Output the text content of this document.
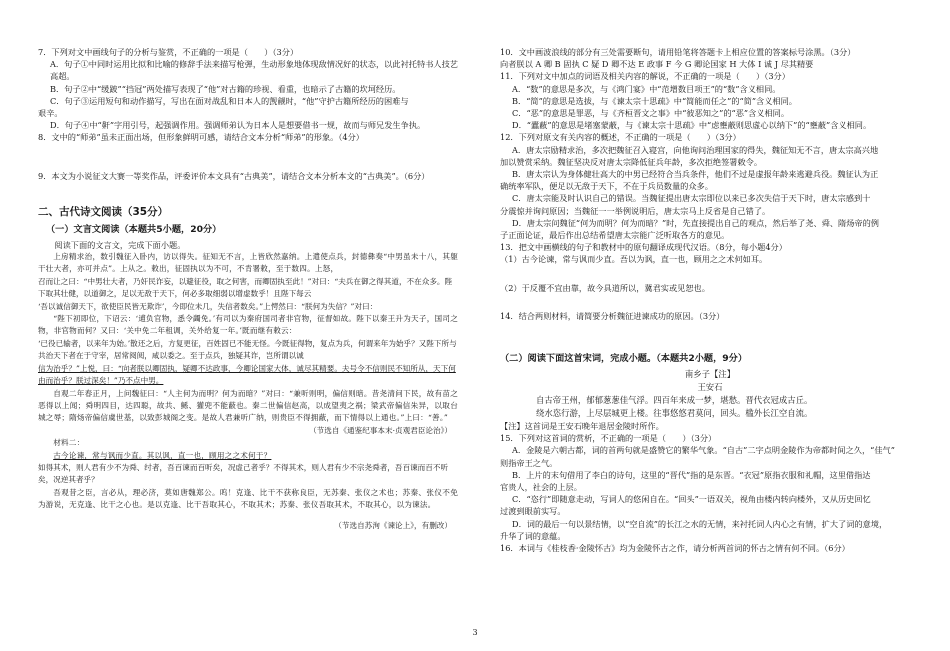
7．下列对文中画线句子的分析与鉴赏，不正确的一项是（　　）（3分）

A．句子①中同时运用比拟和比喻的修辞手法来描写枪弹，生动形象地体现敌情况好的状态，以此衬托特书人技艺高超。

B．句子②中“缓跛”“挡冠”两处描写表现了“他”对古籍的珍视、看重，也暗示了古籍的坎坷经历。

C．句子③运用短句和动作描写，写出在面对战乱和日本人的觊觎时，“他”守护古籍所经历的困难与

艰辛。

D．句子④中“鼾”字用引号，起强调作用。强调师弟认为日本人是想要借书一规，故而与师兄发生争执。

8．文中的“师弟”虽未正面出场，但形象鲜明可感，请结合文本分析“师弟”的形象。（4分）

9．本文为小说征文大赛一等奖作品，评委评价本文具有“古典美”，请结合文本分析本文的“古典美”。（6分）

二、古代诗文阅读（35分）
（一）文言文阅读（本题共5小题，20分）

阅读下面的文言文，完成下面小题。

上房精求治，数引魏征入卧内，访以得失。征知无不言，上皆欣然嘉纳。上遣使点兵，封德彝奏“中男虽未十八，其躯干壮大者，亦可并点”。上从之。敕出，征固执以为不可，不肯署敕，至于数四。上怒，

召而让之曰：“中男壮大者，乃奸民诈妄，以避征役，取之何害，而卿固执至此！”对曰：“夫兵在御之得其道，不在众多。陛下取其壮健，以道御之，足以无敌于天下，何必多取细弱以增虚数乎！且陛下每云

‘吾以诚信御天下，欲使臣民皆无欺诈’，今即位未几，失信者数矣。”上愕然曰：“朕何为失信？”对曰：

“陛下初即位，下诏云：‘逋负官物，悉令蠲免。’有司以为秦府国司者非官物，征督如故。陛下以秦王升为天子，国司之物，非官物而何？又曰：‘关中免二年租调，关外给复一年。’既而继有敕云：

‘已役已输者，以来年为始。’散还之后，方复更征，百姓固已不能无怪。今既征得物，复点为兵，何谓来年为始乎？又陛下所与共治天下者在于守宰，居常阅阅，咸以委之。至于点兵，独疑其诈，岂所谓以诚

信为治乎？”上悦，曰：“向者朕以卿固执，疑卿不达政事，今卿论国家大体，诚尽其精要。夫号令不信则民不知所从，天下何由而治乎？朕过深矣！”乃不点中男。

自观二年春正月，上问魏征曰：“人主何为而明？何为而暗？”对曰：“兼听则明，偏信则暗。昔尧清问下民，故有苗之恶得以上闻；舜明四目，达四聪，故共、鲧、獾兜不能蔽也。秦二世偏信赵高，以成望夷之祸；梁武帝偏信朱异，以取台城之辱；隋炀帝偏信虞世基，以致彭城阁之变。是故人君兼听广纳，则贵臣不得拥蔽，而下情得以上通也。”上曰：“善。”

（节选自《通鉴纪事本末·贞观君臣论治》）

材料二：

古今论谏，常与讽而少直。其以讽，直一也，顾用之之术何于？

如得其术，则人君有少不为舜、纣者，吾百谏而百听矣，况虚己者乎？不得其术，则人君有少不宗尧舜者，吾百谏而百不听矣，况逆其者乎？

吾观昔之臣，言必从，理必济，莫如唐魏郑公。呜！克逢、比干不获称良臣，无苏秦、张仪之术也；苏秦、张仪不免为游说，无克逢、比干之心也。是以克逢、比干吾取其心，不取其术；苏秦、张仪吾取其术，不取其心，以为谏法。

（节选自苏洵《谏论上》，有删改）

10．文中画波浪线的部分有三处需要断句，请用铅笔将答题卡上相应位置的答案标号涂黑。（3分）

向者朕以 A 卿 B 固执 C 疑 D 卿不达 E 政事 F 今 G 卿论国家 H 大体 I 诚 J 尽其精要

11．下列对文中加点的词语及相关内容的解说，不正确的一项是（　　）（3分）

A．“数”的意思是多次，与《鸿门宴》中“范增数目项王”的“数”含义相同。

B．“简”的意思是选拔，与《谏太宗十思疏》中“简能而任之”的“简”含义相同。

C．“恶”的意思是罪恶，与《齐桓晋文之事》中“彼恶知之”的“恶”含义相同。

D．“蠹蔽”的意思是堵塞蒙蔽，与《谏太宗十思疏》中“虑壅蔽则思虚心以纳下”的“壅蔽”含义相同。

12．下列对原文有关内容的概述，不正确的一项是（　　）（3分）

A．唐太宗励精求治，多次把魏征召入寝宫，向他询问治理国家的得失，魏征知无不言，唐太宗高兴地

加以赞赏采纳。魏征坚决反对唐太宗降低征兵年龄，多次拒绝签署敕令。

B．唐太宗认为身体健壮高大的中男已经符合当兵条件，他们不过是虚报年龄来逃避兵役。魏征认为正

确统率军队，便足以无敌于天下，不在于兵员数量的众多。

C．唐太宗能及时认识自己的错误。当魏征提出唐太宗即位以来已多次失信于天下时，唐太宗感到十

分震惊并询问原因；当魏征一一举例说明后，唐太宗马上反省是自己错了。

D．唐太宗问魏征“何为而明？何为而暗？”时，先直接提出自己的观点，然后举了尧、舜、隋炀帝的例

子正面论证，最后作出总结希望唐太宗能广泛听取各方的意见。

13．把文中画横线的句子和教材中的原句翻译成现代汉语。（8分，每小题4分）

（1）古今论谏，常与讽而少直。吾以为讽，直一也，顾用之之术何如耳。

（2）于反覆不宜由靠，故今具道所以，冀君实或见恕也。

14．结合两则材料，请简要分析魏征进谏成功的原因。（3分）

（二）阅读下面这首宋词，完成小题。（本题共2小题，9分）

南乡子【注】

王安石

自古帝王州，郁郁葱葱佳气浮。四百年来成一梦，堪愁。晋代衣冠成古丘。

绕水恣行游，上尽层城更上楼。往事悠悠君莫问，回头。槛外长江空自流。

【注】这首词是王安石晚年退居金陵时所作。

15．下列对这首词的赏析，不正确的一项是（　　）（3分）

A．金陵是六朝古都，词的首两句就是盛赞它的繁华气象。“自古”二字点明金陵作为帝都时间之久，“佳气”

则指帝王之气。

B．上片的末句借用了李白的诗句，这里的“晋代”指的是东晋。“衣冠”原指衣服和礼帽，这里借指达

官贵人，社会的上层。

C．“恣行”即随意走动，写词人的悠闲自在。“回头”一语双关，视角由楼内转向楼外，又从历史回忆

过渡到眼前实写。

D．词的最后一句以景结情，以“空自流”的长江之水的无情，来衬托词人内心之有情，扩大了词的意境，

升华了词的意蕴。

16．本词与《桂枝香·金陵怀古》均为金陵怀古之作，请分析两首词的怀古之情有何不同。（6分）

3
